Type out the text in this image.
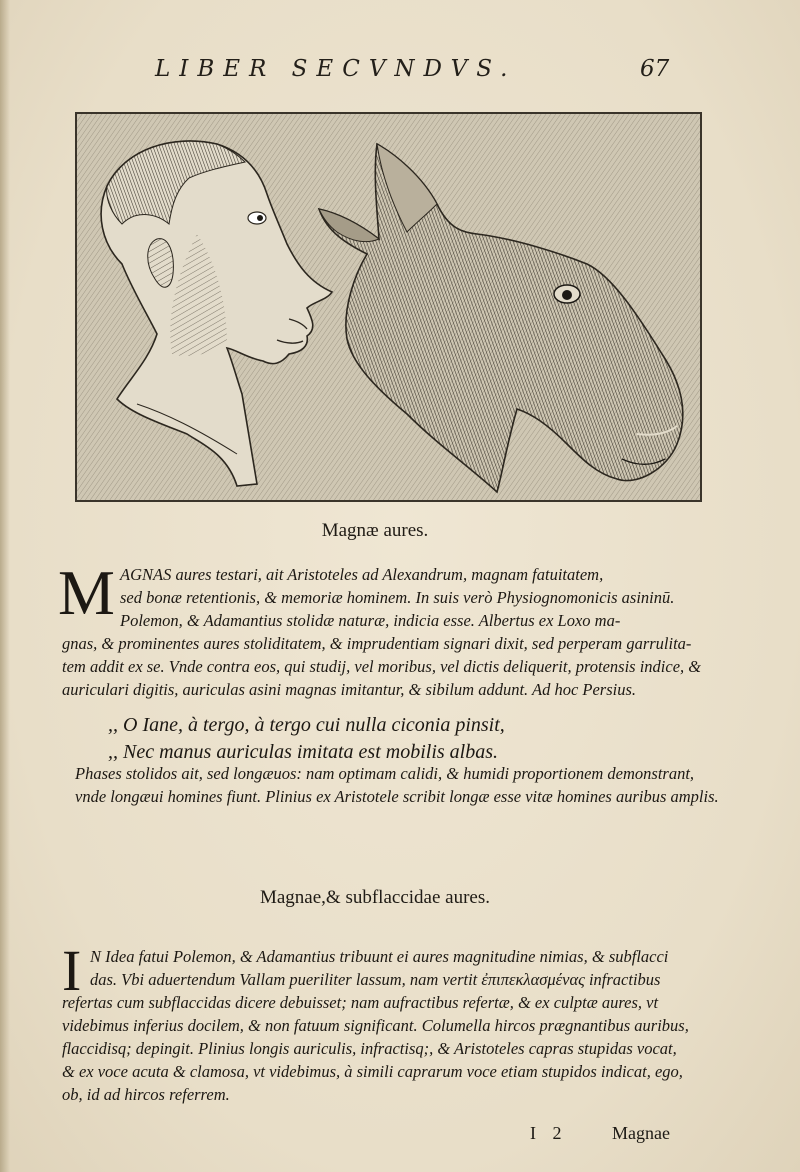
LIBER SECVNDVS.	67
Magnæ aures.
M AGNAS aures testari, ait Aristoteles ad Alexandrum, magnam fatuitatem,
sed bonæ retentionis, & memoriæ hominem. In suis verò Physiognomonicis asininū.
Polemon, & Adamantius stolidæ naturæ, indicia esse. Albertus ex Loxo ma-
gnas, & prominentes aures stoliditatem, & imprudentiam signari dixit, sed perperam garrulita-
tem addit ex se. Vnde contra eos, qui studij, vel moribus, vel dictis deliquerit, protensis indice, &
auriculari digitis, auriculas asini magnas imitantur, & sibilum addunt. Ad hoc Persius.
,, O Iane, à tergo, à tergo cui nulla ciconia pinsit,
,, Nec manus auriculas imitata est mobilis albas.
Phases stolidos ait, sed longæuos: nam optimam calidi, & humidi proportionem demonstrant,
vnde longæui homines fiunt. Plinius ex Aristotele scribit longæ esse vitæ homines auribus amplis.
Magnae,& subflaccidae aures.
I N Idea fatui Polemon, & Adamantius tribuunt ei aures magnitudine nimias, & subflacci
das. Vbi aduertendum Vallam pueriliter lassum, nam vertit ἐπιπεκλασμένας infractibus
refertas cum subflaccidas dicere debuisset; nam aufractibus refertæ, & ex culptæ aures, vt
videbimus inferius docilem, & non fatuum significant. Columella hircos prægnantibus auribus,
flaccidisq; depingit. Plinius longis auriculis, infractisq;, & Aristoteles capras stupidas vocat,
& ex voce acuta & clamosa, vt videbimus, à simili caprarum voce etiam stupidos indicat, ego,
ob, id ad hircos referrem.
I 2 Magnae
